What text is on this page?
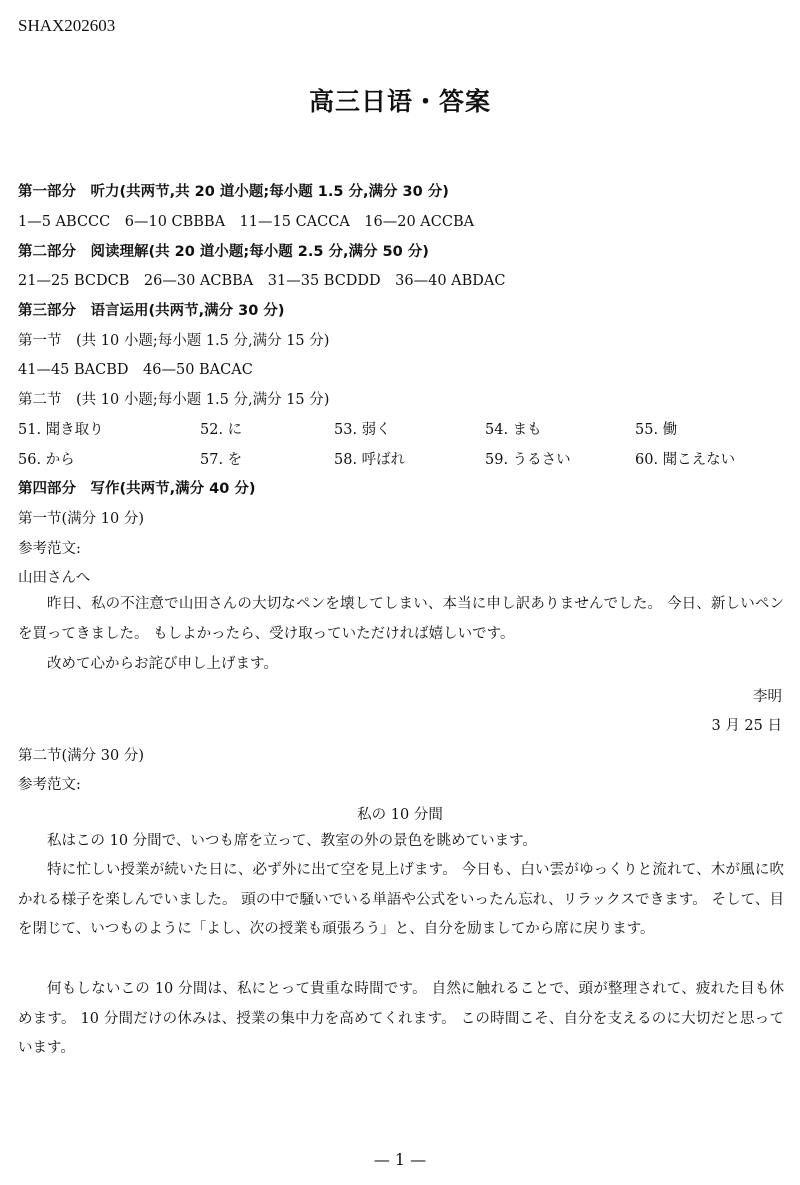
SHAX202603
高三日语・答案
第一部分　听力(共两节,共 20 道小题;每小题 1.5 分,满分 30 分)
1—5 ABCCC　6—10 CBBBA　11—15 CACCA　16—20 ACCBA
第二部分　阅读理解(共 20 道小题;每小题 2.5 分,满分 50 分)
21—25 BCDCB　26—30 ACBBA　31—35 BCDDD　36—40 ABDAC
第三部分　语言运用(共两节,满分 30 分)
第一节　(共 10 小题;每小题 1.5 分,满分 15 分)
41—45 BACBD　46—50 BACAC
第二节　(共 10 小题;每小题 1.5 分,满分 15 分)
51. 聞き取り	52. に	53. 弱く	54. まも	55. 働
56. から	57. を	58. 呼ばれ	59. うるさい	60. 聞こえない
第四部分　写作(共两节,满分 40 分)
第一节(满分 10 分)
参考范文:
山田さんへ
昨日、私の不注意で山田さんの大切なペンを壊してしまい、本当に申し訳ありませんでした。 今日、新しいペンを買ってきました。 もしよかったら、受け取っていただければ嬉しいです。
改めて心からお詫び申し上げます。
李明
3 月 25 日
第二节(满分 30 分)
参考范文:
私の 10 分間
私はこの 10 分間で、いつも席を立って、教室の外の景色を眺めています。
特に忙しい授業が続いた日に、必ず外に出て空を見上げます。 今日も、白い雲がゆっくりと流れて、木が風に吹かれる様子を楽しんでいました。 頭の中で騒いでいる単語や公式をいったん忘れ、リラックスできます。 そして、目を閉じて、いつものように「よし、次の授業も頑張ろう」と、自分を励ましてから席に戻ります。
何もしないこの 10 分間は、私にとって貴重な時間です。 自然に触れることで、頭が整理されて、疲れた目も休めます。 10 分間だけの休みは、授業の集中力を高めてくれます。 この時間こそ、自分を支えるのに大切だと思っています。
— 1 —
